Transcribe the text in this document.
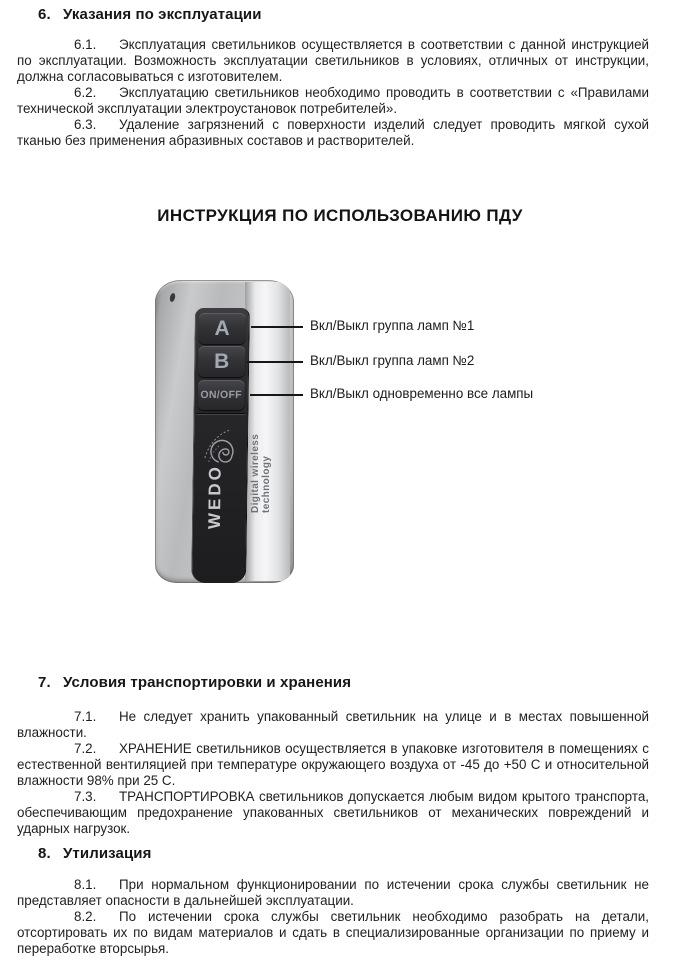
6. Указания по эксплуатации

6.1. Эксплуатация светильников осуществляется в соответствии с данной инструкцией по эксплуатации. Возможность эксплуатации светильников в условиях, отличных от инструкции, должна согласовываться с изготовителем.

6.2. Эксплуатацию светильников необходимо проводить в соответствии с «Правилами технической эксплуатации электроустановок потребителей».

6.3. Удаление загрязнений с поверхности изделий следует проводить мягкой сухой тканью без применения абразивных составов и растворителей.

ИНСТРУКЦИЯ ПО ИСПОЛЬЗОВАНИЮ ПДУ
Digital wireless technology
A
B
ON/OFF
WEDO
Вкл/Выкл группа ламп №1
Вкл/Выкл группа ламп №2
Вкл/Выкл одновременно все лампы
7. Условия транспортировки и хранения

7.1. Не следует хранить упакованный светильник на улице и в местах повышенной влажности.

7.2. ХРАНЕНИЕ светильников осуществляется в упаковке изготовителя в помещениях с естественной вентиляцией при температуре окружающего воздуха от -45 до +50 С и относительной влажности 98% при 25 С.

7.3. ТРАНСПОРТИРОВКА светильников допускается любым видом крытого транспорта, обеспечивающим предохранение упакованных светильников от механических повреждений и ударных нагрузок.

8. Утилизация

8.1. При нормальном функционировании по истечении срока службы светильник не представляет опасности в дальнейшей эксплуатации.

8.2. По истечении срока службы светильник необходимо разобрать на детали, отсортировать их по видам материалов и сдать в специализированные организации по приему и переработке вторсырья.
